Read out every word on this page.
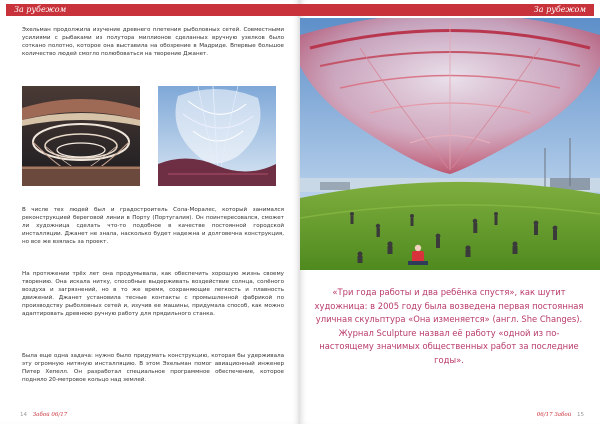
За рубежом

Эхельман продолжила изучение древнего плетения рыболовных сетей. Совместными усилиями с рыбаками из полутора миллионов сделанных вручную узелков было соткано полотно, которое она выставила на обозрение в Мадриде. Впервые большое количество людей смогло полюбоваться на творение Джанет.

В числе тех людей был и градостроитель Сола-Моралес, который занимался реконструкцией береговой линии в Порту (Португалия). Он поинтересовался, сможет ли художница сделать что-то подобное в качестве постоянной городской инсталляции. Джанет не знала, насколько будет надежна и долговечна конструкция, но все же взялась за проект.

На протяжении трёх лет она продумывала, как обеспечить хорошую жизнь своему творению. Она искала нитку, способные выдерживать воздействие солнца, солёного воздуха и загрязнений, но в то же время, сохраняющие легкость и плавность движений. Джанет установила тесные контакты с промышленной фабрикой по производству рыболовных сетей и, изучив ее машины, придумала способ, как можно адаптировать древнюю ручную работу для прядильного станка.

Была еще одна задача: нужно было придумать конструкцию, которая бы удерживала эту огромную нитяную инсталляцию. В этом Эхельман помог авиационный инженер Питер Хепелл. Он разработал специальное программное обеспечение, которое подняло 20-метровое кольцо над землей.

14 Забой 06/17
За рубежом

«Три года работы и два ребёнка спустя», как шутит художница: в 2005 году была возведена первая постоянная уличная скульптура «Она изменяется» (англ. She Changes). Журнал Sculpture назвал её работу «одной из по-настоящему значимых общественных работ за последние годы».

06/17 Забой 15
